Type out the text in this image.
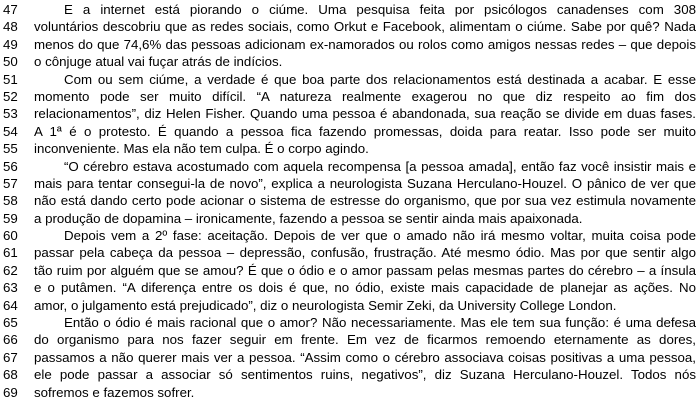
47	E a internet está piorando o ciúme. Uma pesquisa feita por psicólogos canadenses com 308
48	voluntários descobriu que as redes sociais, como Orkut e Facebook, alimentam o ciúme. Sabe por quê? Nada
49	menos do que 74,6% das pessoas adicionam ex-namorados ou rolos como amigos nessas redes – que depois
50	o cônjuge atual vai fuçar atrás de indícios.
51	Com ou sem ciúme, a verdade é que boa parte dos relacionamentos está destinada a acabar. E esse
52	momento pode ser muito difícil. “A natureza realmente exagerou no que diz respeito ao fim dos
53	relacionamentos”, diz Helen Fisher. Quando uma pessoa é abandonada, sua reação se divide em duas fases.
54	A 1ª é o protesto. É quando a pessoa fica fazendo promessas, doida para reatar. Isso pode ser muito
55	inconveniente. Mas ela não tem culpa. É o corpo agindo.
56	“O cérebro estava acostumado com aquela recompensa [a pessoa amada], então faz você insistir mais e
57	mais para tentar consegui-la de novo”, explica a neurologista Suzana Herculano-Houzel. O pânico de ver que
58	não está dando certo pode acionar o sistema de estresse do organismo, que por sua vez estimula novamente
59	a produção de dopamina – ironicamente, fazendo a pessoa se sentir ainda mais apaixonada.
60	Depois vem a 2º fase: aceitação. Depois de ver que o amado não irá mesmo voltar, muita coisa pode
61	passar pela cabeça da pessoa – depressão, confusão, frustração. Até mesmo ódio. Mas por que sentir algo
62	tão ruim por alguém que se amou? É que o ódio e o amor passam pelas mesmas partes do cérebro – a ínsula
63	e o putâmen. “A diferença entre os dois é que, no ódio, existe mais capacidade de planejar as ações. No
64	amor, o julgamento está prejudicado”, diz o neurologista Semir Zeki, da University College London.
65	Então o ódio é mais racional que o amor? Não necessariamente. Mas ele tem sua função: é uma defesa
66	do organismo para nos fazer seguir em frente. Em vez de ficarmos remoendo eternamente as dores,
67	passamos a não querer mais ver a pessoa. “Assim como o cérebro associava coisas positivas a uma pessoa,
68	ele pode passar a associar só sentimentos ruins, negativos”, diz Suzana Herculano-Houzel. Todos nós
69	sofremos e fazemos sofrer.
